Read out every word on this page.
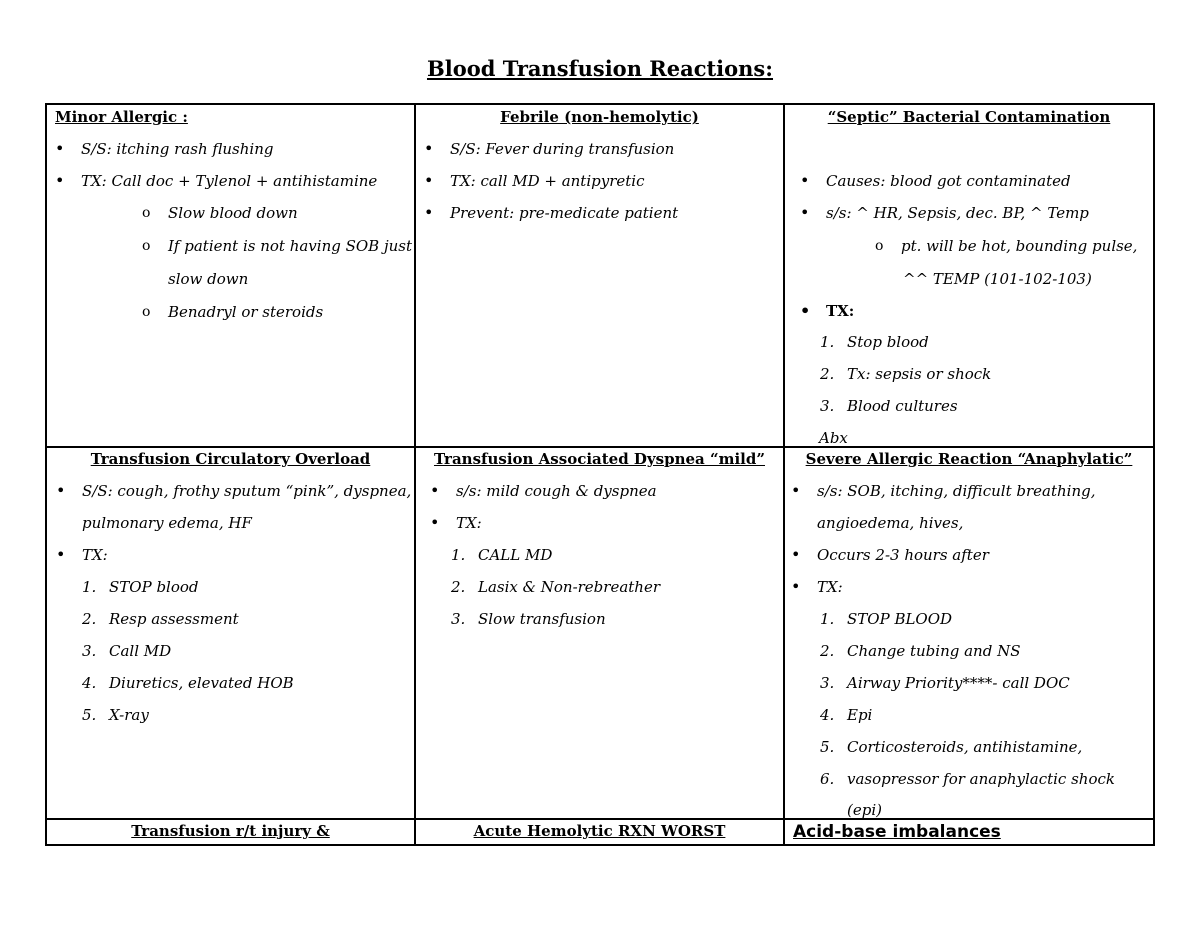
Blood Transfusion Reactions:
Minor Allergic :
• S/S: itching rash flushing
• TX: Call doc + Tylenol + antihistamine
o Slow blood down
o If patient is not having SOB just
slow down
o Benadryl or steroids
Febrile (non-hemolytic)
• S/S: Fever during transfusion
• TX: call MD + antipyretic
• Prevent: pre-medicate patient
“Septic” Bacterial Contamination
• Causes: blood got contaminated
• s/s: ^ HR, Sepsis, dec. BP, ^ Temp
o pt. will be hot, bounding pulse,
^^ TEMP (101-102-103)
• TX:
1. Stop blood
2. Tx: sepsis or shock
3. Blood cultures
Abx
Transfusion Circulatory Overload
• S/S: cough, frothy sputum “pink”, dyspnea,
pulmonary edema, HF
• TX:
1. STOP blood
2. Resp assessment
3. Call MD
4. Diuretics, elevated HOB
5. X-ray
Transfusion Associated Dyspnea “mild”
• s/s: mild cough & dyspnea
• TX:
1. CALL MD
2. Lasix & Non-rebreather
3. Slow transfusion
Severe Allergic Reaction “Anaphylatic”
• s/s: SOB, itching, difficult breathing,
angioedema, hives,
• Occurs 2-3 hours after
• TX:
1. STOP BLOOD
2. Change tubing and NS
3. Airway Priority****- call DOC
4. Epi
5. Corticosteroids, antihistamine,
6. vasopressor for anaphylactic shock
(epi)
Transfusion r/t injury &	Acute Hemolytic RXN WORST	Acid-base imbalances
